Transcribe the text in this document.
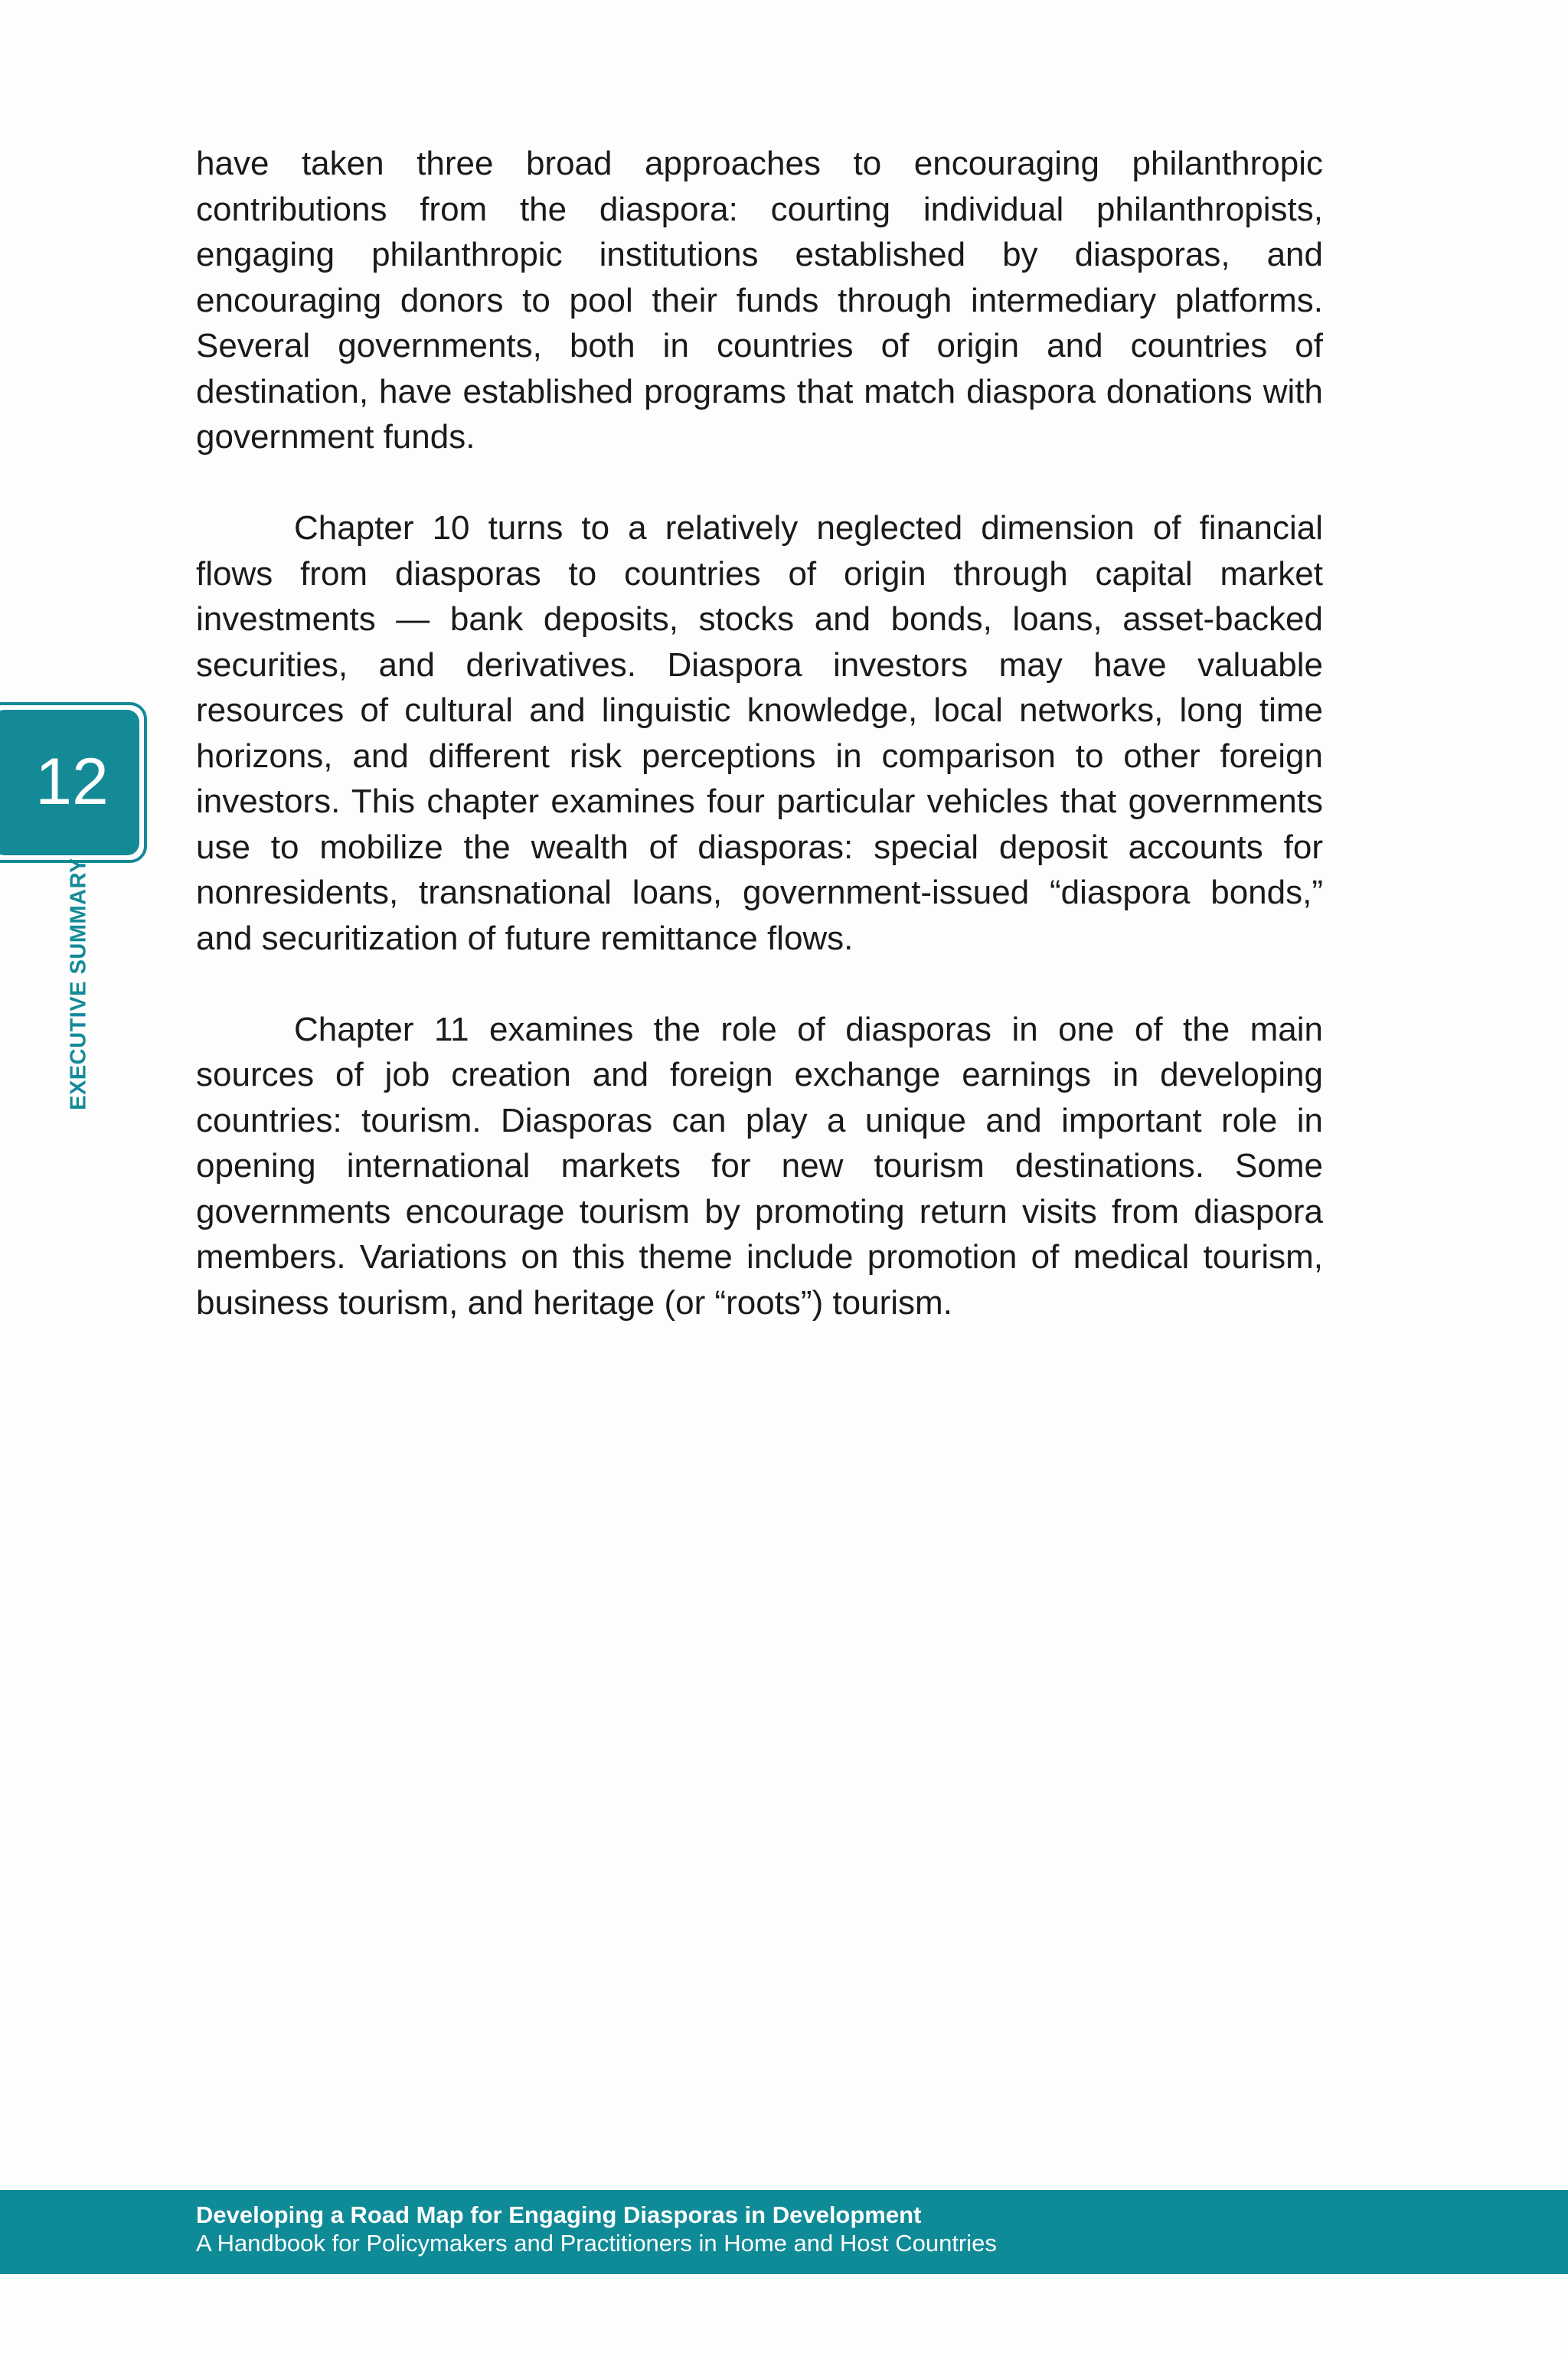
have taken three broad approaches to encouraging philanthropic contributions from the diaspora: courting individual philanthropists, engaging philanthropic institutions established by diasporas, and encouraging donors to pool their funds through intermediary platforms. Several governments, both in countries of origin and countries of destination, have established programs that match diaspora donations with government funds.

Chapter 10 turns to a relatively neglected dimension of financial flows from diasporas to countries of origin through capital market investments — bank deposits, stocks and bonds, loans, asset-backed securities, and derivatives. Diaspora investors may have valuable resources of cultural and linguistic knowledge, local networks, long time horizons, and different risk perceptions in comparison to other foreign investors. This chapter examines four particular vehicles that governments use to mobilize the wealth of diasporas: special deposit accounts for nonresidents, transnational loans, government-issued “diaspora bonds,” and securitization of future remittance flows.

Chapter 11 examines the role of diasporas in one of the main sources of job creation and foreign exchange earnings in developing countries: tourism. Diasporas can play a unique and important role in opening international markets for new tourism destinations. Some governments encourage tourism by promoting return visits from diaspora members. Variations on this theme include promotion of medical tourism, business tourism, and heritage (or “roots”) tourism.

12
EXECUTIVE SUMMARY
Developing a Road Map for Engaging Diasporas in Development
A Handbook for Policymakers and Practitioners in Home and Host Countries
